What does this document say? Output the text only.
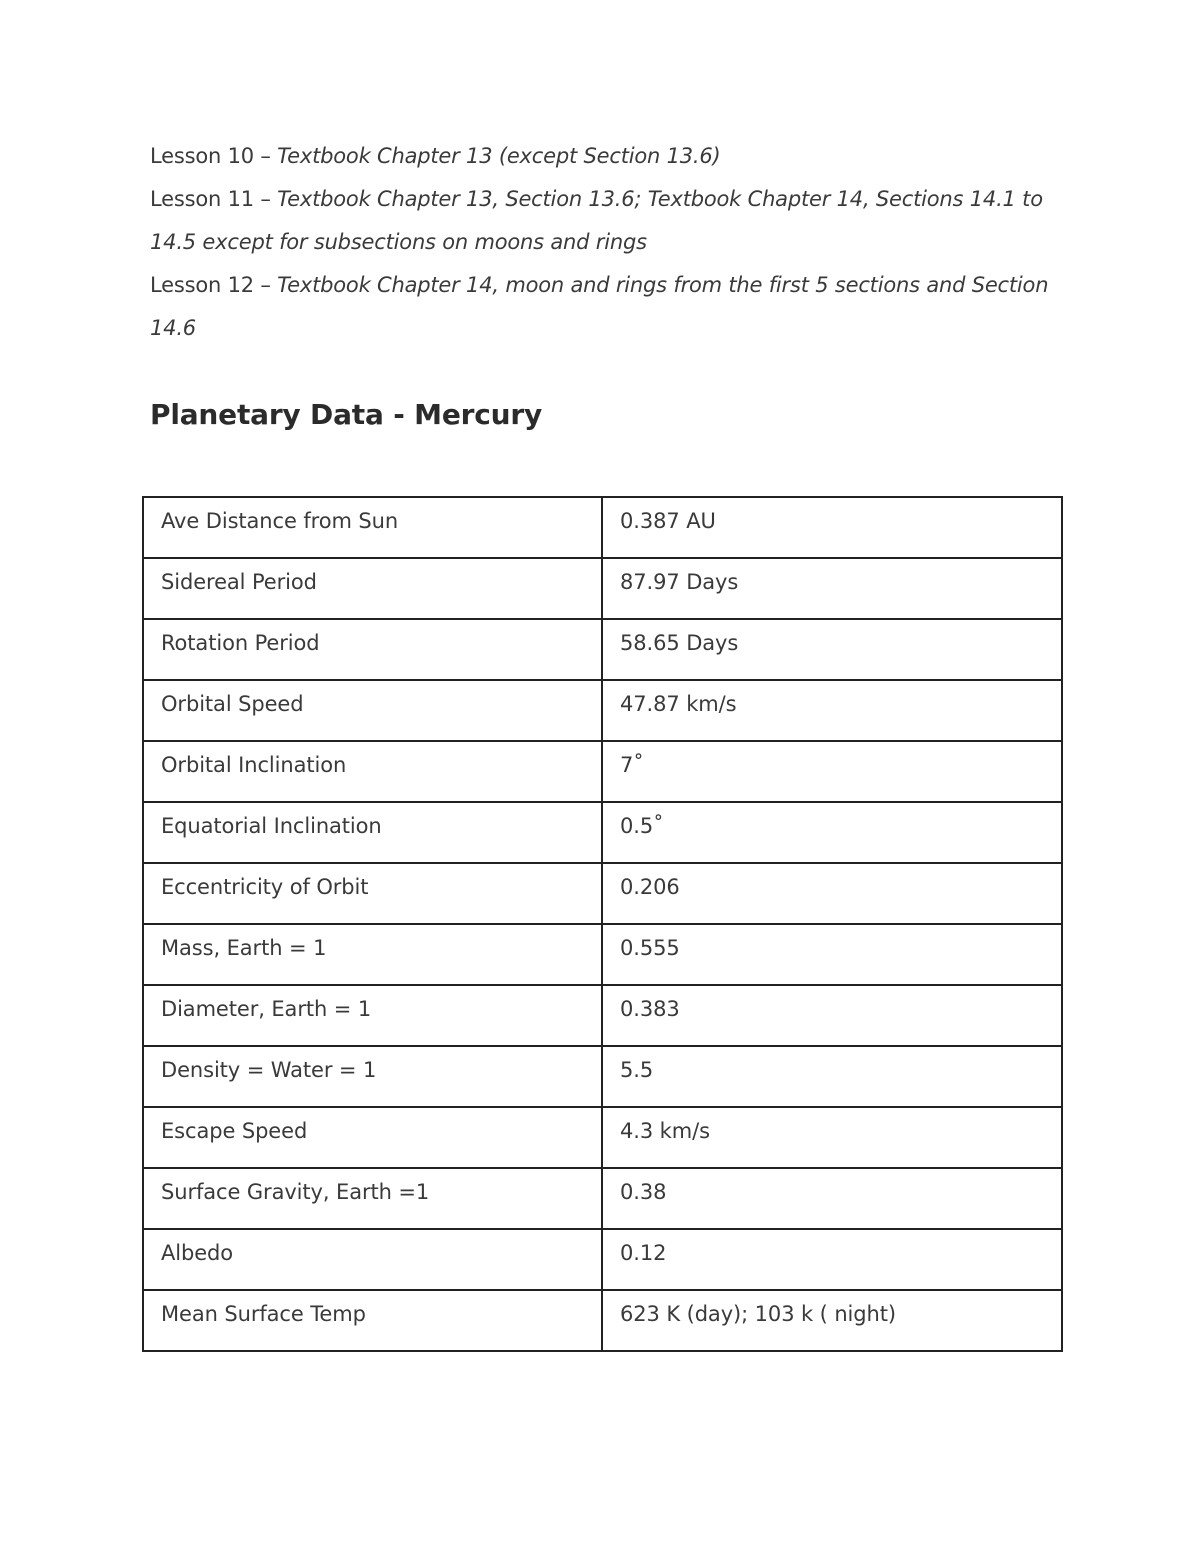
Lesson 10 – Textbook Chapter 13 (except Section 13.6)

Lesson 11 – Textbook Chapter 13, Section 13.6; Textbook Chapter 14, Sections 14.1 to 14.5 except for subsections on moons and rings

Lesson 12 – Textbook Chapter 14, moon and rings from the first 5 sections and Section 14.6

Planetary Data - Mercury
Ave Distance from Sun	0.387 AU
Sidereal Period	87.97 Days
Rotation Period	58.65 Days
Orbital Speed	47.87 km/s
Orbital Inclination	7˚
Equatorial Inclination	0.5˚
Eccentricity of Orbit	0.206
Mass, Earth = 1	0.555
Diameter, Earth = 1	0.383
Density = Water = 1	5.5
Escape Speed	4.3 km/s
Surface Gravity, Earth =1	0.38
Albedo	0.12
Mean Surface Temp	623 K (day); 103 k ( night)
